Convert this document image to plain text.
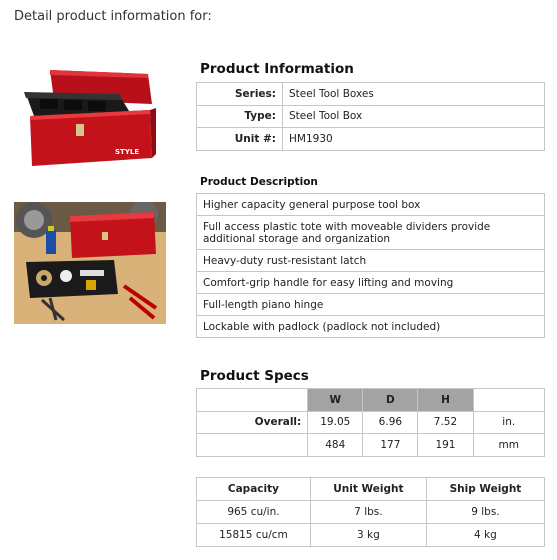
Detail product information for:
STYLE
Product Information
Series:	Steel Tool Boxes
Type:	Steel Tool Box
Unit #:	HM1930
Product Description
Higher capacity general purpose tool box
Full access plastic tote with moveable dividers provide additional storage and organization
Heavy-duty rust-resistant latch
Comfort-grip handle for easy lifting and moving
Full-length piano hinge
Lockable with padlock (padlock not included)
Product Specs
	W	D	H	
Overall:	19.05	6.96	7.52	in.
	484	177	191	mm
Capacity	Unit Weight	Ship Weight
965 cu/in.	7 lbs.	9 lbs.
15815 cu/cm	3 kg	4 kg
